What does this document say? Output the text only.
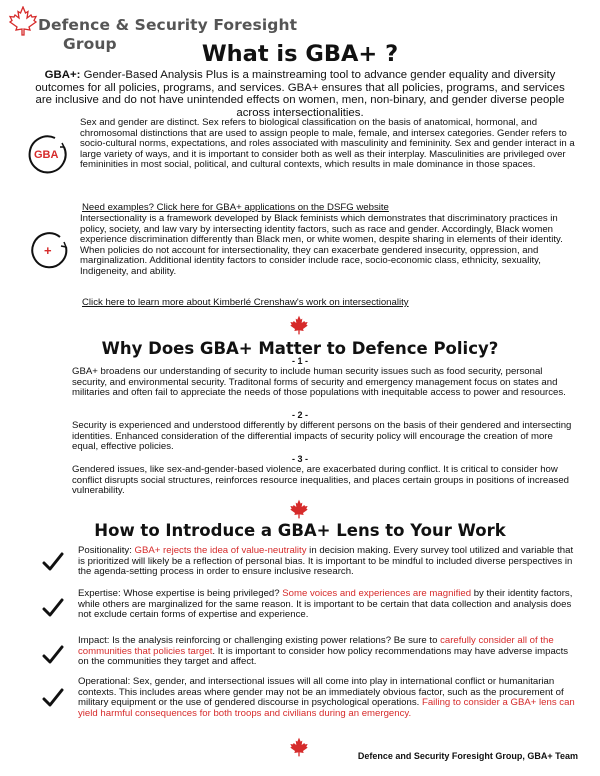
Defence & Security Foresight
Group	What is GBA+ ?
GBA+: Gender-Based Analysis Plus is a mainstreaming tool to advance gender equality and diversity outcomes for all policies, programs, and services. GBA+ ensures that all policies, programs, and services are inclusive and do not have unintended effects on women, men, non-binary, and gender diverse people across intersectionalities.
GBA
Sex and gender are distinct. Sex refers to biological classification on the basis of anatomical, hormonal, and chromosomal distinctions that are used to assign people to male, female, and intersex categories. Gender refers to socio-cultural norms, expectations, and roles associated with masculinity and femininity. Sex and gender interact in a large variety of ways, and it is important to consider both as well as their interplay. Masculinities are privileged over femininities in most social, political, and cultural contexts, which results in male dominance in those spaces.
Need examples? Click here for GBA+ applications on the DSFG website
+
Intersectionality is a framework developed by Black feminists which demonstrates that discriminatory practices in policy, society, and law vary by intersecting identity factors, such as race and gender. Accordingly, Black women experience discrimination differently than Black men, or white women, despite sharing in elements of their identity. When policies do not account for intersectionality, they can exacerbate gendered insecurity, oppression, and marginalization. Additional identity factors to consider include race, socio-economic class, ethnicity, sexuality, Indigeneity, and ability.
Click here to learn more about Kimberlé Crenshaw's work on intersectionality
Why Does GBA+ Matter to Defence Policy?
- 1 -
GBA+ broadens our understanding of security to include human security issues such as food security, personal security, and environmental security. Traditonal forms of security and emergency management focus on states and militaries and often fail to appreciate the needs of those populations with inequitable access to power and resources.
- 2 -
Security is experienced and understood differently by different persons on the basis of their gendered and intersecting identities. Enhanced consideration of the differential impacts of security policy will encourage the creation of more equal, effective policies.
- 3 -
Gendered issues, like sex-and-gender-based violence, are exacerbated during conflict. It is critical to consider how conflict disrupts social structures, reinforces resource inequalities, and places certain groups in positions of increased vulnerability.
How to Introduce a GBA+ Lens to Your Work
Positionality: GBA+ rejects the idea of value-neutrality in decision making. Every survey tool utilized and variable that is prioritized will likely be a reflection of personal bias. It is important to be mindful to included diverse perspectives in the agenda-setting process in order to ensure inclusive research.
Expertise: Whose expertise is being privileged? Some voices and experiences are magnified by their identity factors, while others are marginalized for the same reason. It is important to be certain that data collection and analysis does not exclude certain forms of expertise and experience.
Impact: Is the analysis reinforcing or challenging existing power relations? Be sure to carefully consider all of the communities that policies target. It is important to consider how policy recommendations may have adverse impacts on the communities they target and affect.
Operational: Sex, gender, and intersectional issues will all come into play in international conflict or humanitarian contexts. This includes areas where gender may not be an immediately obvious factor, such as the procurement of military equipment or the use of gendered discourse in psychological operations. Failing to consider a GBA+ lens can yield harmful consequences for both troops and civilians during an emergency.
Defence and Security Foresight Group, GBA+ Team
